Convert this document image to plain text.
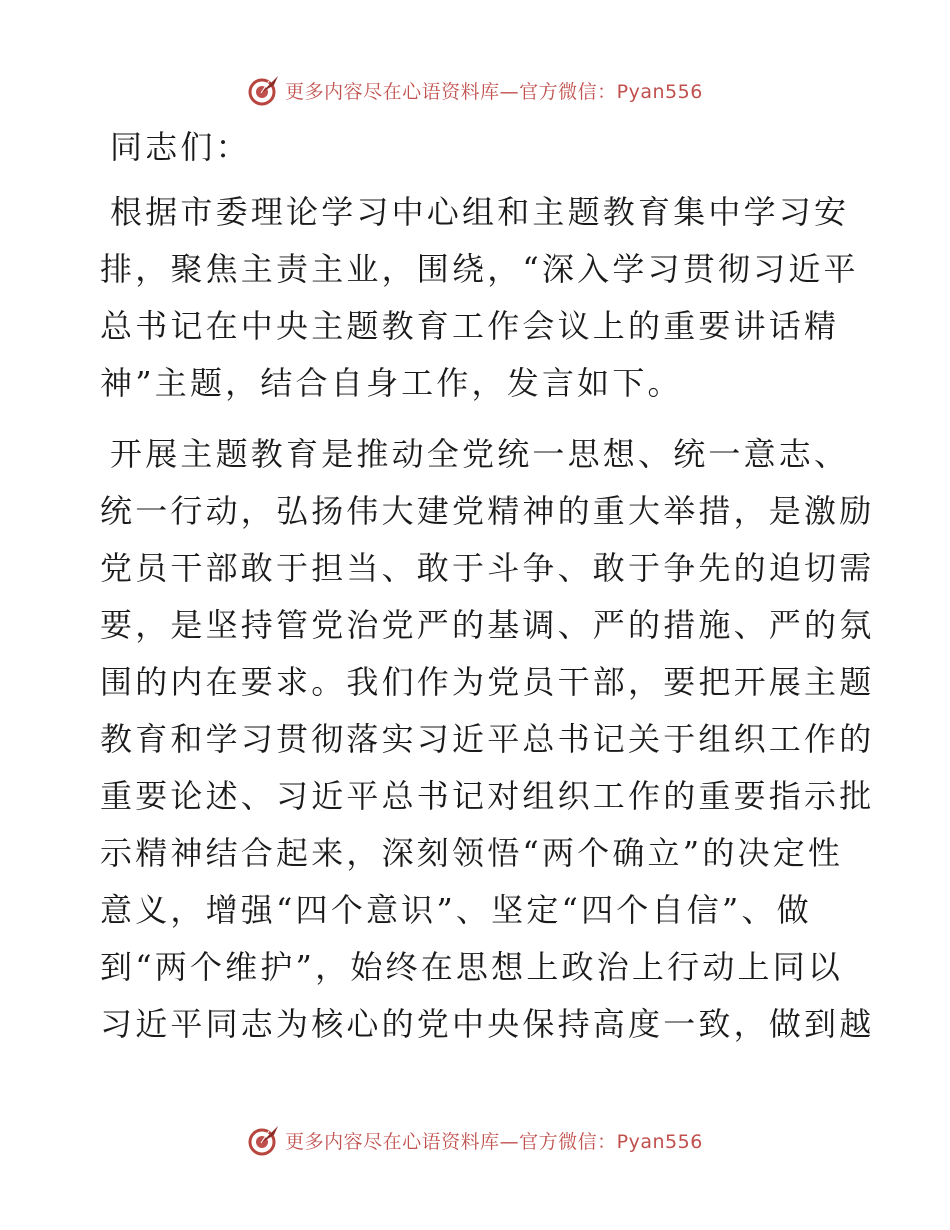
更多内容尽在心语资料库—官方微信：Pyan556
同志们：
根据市委理论学习中心组和主题教育集中学习安
排，聚焦主责主业，围绕，“深入学习贯彻习近平
总书记在中央主题教育工作会议上的重要讲话精
神”主题，结合自身工作，发言如下。
开展主题教育是推动全党统一思想、统一意志、
统一行动，弘扬伟大建党精神的重大举措，是激励
党员干部敢于担当、敢于斗争、敢于争先的迫切需
要，是坚持管党治党严的基调、严的措施、严的氛
围的内在要求。我们作为党员干部，要把开展主题
教育和学习贯彻落实习近平总书记关于组织工作的
重要论述、习近平总书记对组织工作的重要指示批
示精神结合起来，深刻领悟“两个确立”的决定性
意义，增强“四个意识”、坚定“四个自信”、做
到“两个维护”，始终在思想上政治上行动上同以
习近平同志为核心的党中央保持高度一致，做到越
更多内容尽在心语资料库—官方微信：Pyan556
